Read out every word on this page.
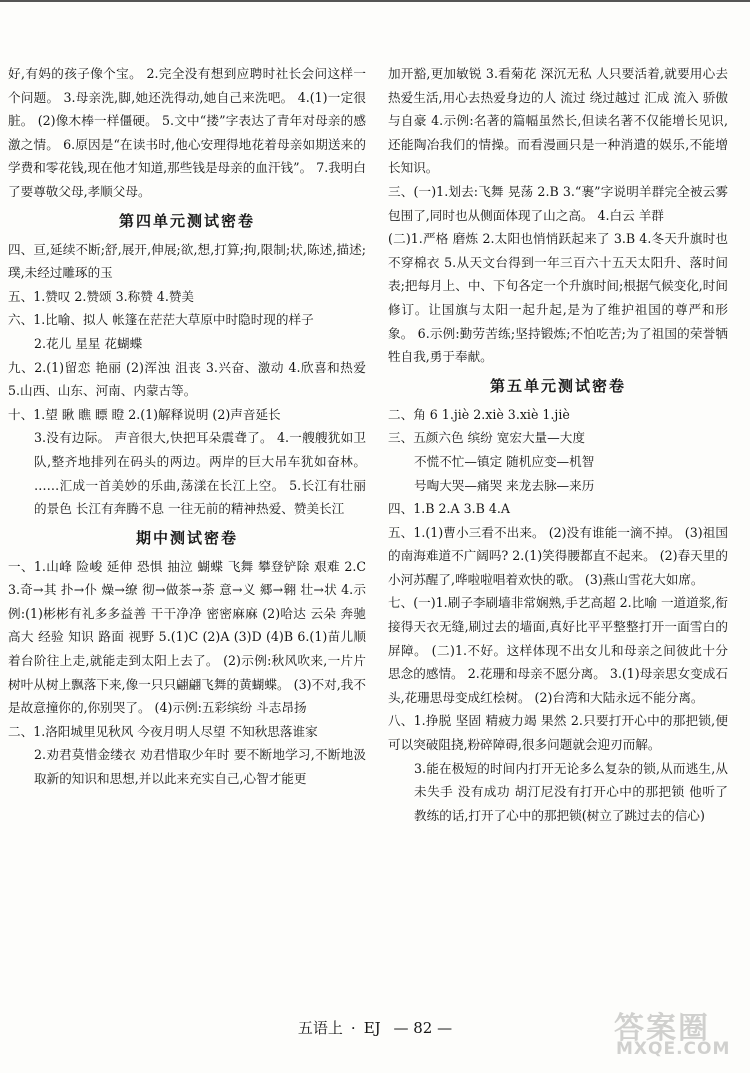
好,有妈的孩子像个宝。 2.完全没有想到应聘时社长会问这样一个问题。 3.母亲洗,脚,她还洗得动,她自己来洗吧。 4.(1)一定很脏。 (2)像木棒一样僵硬。 5.文中“搂”字表达了青年对母亲的感激之情。 6.原因是“在读书时,他心安理得地花着母亲如期送来的学费和零花钱,现在他才知道,那些钱是母亲的血汗钱”。 7.我明白了要尊敬父母,孝顺父母。

第四单元测试密卷

四、亘,延续不断;舒,展开,伸展;欲,想,打算;拘,限制;状,陈述,描述;璞,未经过雕琢的玉

五、1.赞叹 2.赞颂 3.称赞 4.赞美

六、1.比喻、拟人 帐篷在茫茫大草原中时隐时现的样子

2.花儿 星星 花蝴蝶

九、2.(1)留恋 艳丽 (2)浑浊 沮丧 3.兴奋、激动 4.欣喜和热爱 5.山西、山东、河南、内蒙古等。

十、1.望 瞅 瞧 瞟 瞪 2.(1)解释说明 (2)声音延长

3.没有边际。 声音很大,快把耳朵震聋了。 4.一艘艘犹如卫队,整齐地排列在码头的两边。两岸的巨大吊车犹如奋林。 ……汇成一首美妙的乐曲,荡漾在长江上空。 5.长江有壮丽的景色 长江有奔腾不息 一往无前的精神热爱、赞美长江

期中测试密卷

一、1.山峰 险峻 延伸 恐惧 抽泣 蝴蝶 飞舞 攀登铲除 艰难 2.C 3.奇→其 扑→仆 燥→缭 彻→做茶→荼 意→义 郷→翱 壮→状 4.示例:(1)彬彬有礼多多益善 干干净净 密密麻麻 (2)哈达 云朵 奔驰高大 经验 知识 路面 视野 5.(1)C (2)A (3)D (4)B 6.(1)苗儿顺着台阶往上走,就能走到太阳上去了。 (2)示例:秋风吹来,一片片树叶从树上飘落下来,像一只只翩翩飞舞的黄蝴蝶。 (3)不对,我不是故意撞你的,你别哭了。 (4)示例:五彩缤纷 斗志昂扬

二、1.洛阳城里见秋风 今夜月明人尽望 不知秋思落谁家

2.劝君莫惜金缕衣 劝君惜取少年时 要不断地学习,不断地汲取新的知识和思想,并以此来充实自己,心智才能更

加开豁,更加敏锐 3.看菊花 深沉无私 人只要活着,就要用心去热爱生活,用心去热爱身边的人 流过 绕过越过 汇成 流入 骄傲与自豪 4.示例:名著的篇幅虽然长,但读名著不仅能增长见识,还能陶冶我们的情操。而看漫画只是一种消遣的娱乐,不能增长知识。

三、(一)1.划去:飞舞 晃荡 2.B 3.“裹”字说明羊群完全被云雾包围了,同时也从侧面体现了山之高。 4.白云 羊群

(二)1.严格 磨炼 2.太阳也悄悄跃起来了 3.B 4.冬天升旗时也不穿棉衣 5.从天文台得到一年三百六十五天太阳升、落时间表;把每月上、中、下旬各定一个升旗时间;根据气候变化,时间修订。让国旗与太阳一起升起,是为了维护祖国的尊严和形象。 6.示例:勤劳苦练;坚持锻炼;不怕吃苦;为了祖国的荣誉牺牲自我,勇于奉献。

第五单元测试密卷

二、角 6 1.jiè 2.xiè 3.xiè 1.jiè

三、五颜六色 缤纷 宽宏大量—大度

不慌不忙—镇定 随机应变—机智

号啕大哭—痛哭 来龙去脉—来历

四、1.B 2.A 3.B 4.A

五、1.(1)曹小三看不出来。 (2)没有谁能一滴不掉。 (3)祖国的南海难道不广阔吗? 2.(1)笑得腰都直不起来。 (2)春天里的小河苏醒了,哗啦啦唱着欢快的歌。 (3)燕山雪花大如席。

七、(一)1.刷子李刷墙非常娴熟,手艺高超 2.比喻 一道道浆,衔接得天衣无缝,刷过去的墙面,真好比平平整整打开一面雪白的屏障。 (二)1.不好。这样体现不出女儿和母亲之间彼此十分思念的感情。 2.花珊和母亲不愿分离。 3.(1)母亲思女变成石头,花珊思母变成红桧树。 (2)台湾和大陆永远不能分离。

八、1.挣脱 坚固 精疲力竭 果然 2.只要打开心中的那把锁,便可以突破阻挠,粉碎障碍,很多问题就会迎刃而解。

3.能在极短的时间内打开无论多么复杂的锁,从而逃生,从未失手 没有成功 胡汀尼没有打开心中的那把锁 他听了教练的话,打开了心中的那把锁(树立了跳过去的信心)

五语上 · EJ — 82 —	答案圈
MXQE.COM
